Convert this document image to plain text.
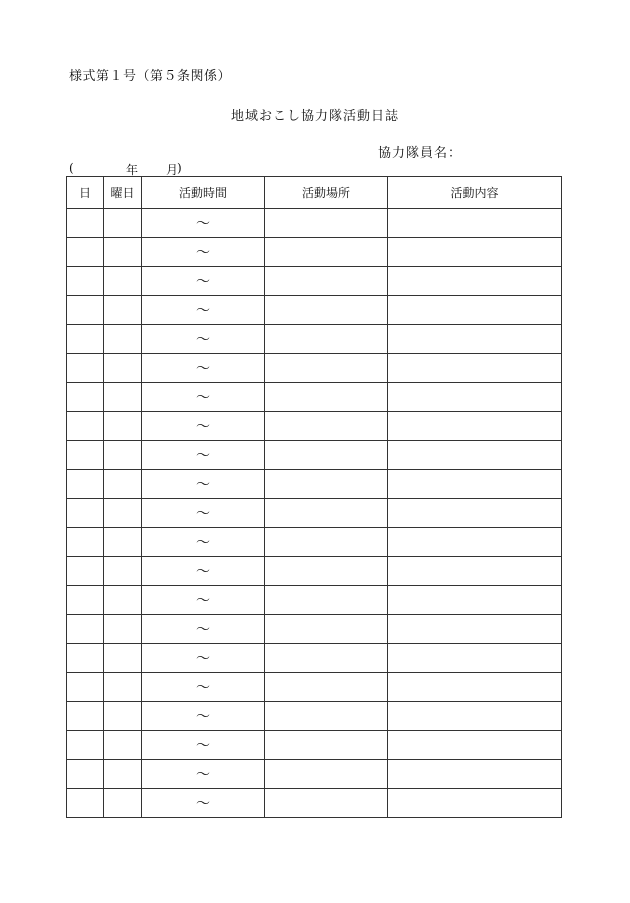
様式第１号（第５条関係）
地域おこし協力隊活動日誌
協力隊員名：
(	年 月
)
日	曜日	活動時間	活動場所	活動内容
		～		
		～		
		～		
		～		
		～		
		～		
		～		
		～		
		～		
		～		
		～		
		～		
		～		
		～		
		～		
		～		
		～		
		～		
		～		
		～		
		～		
